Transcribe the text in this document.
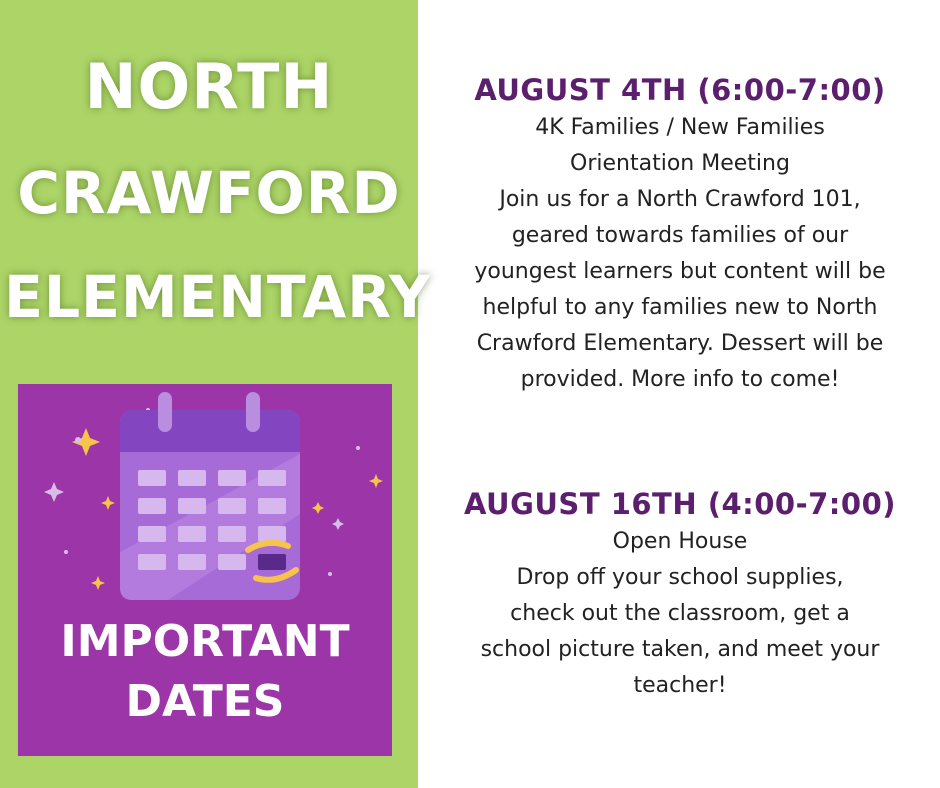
NORTH
CRAWFORD
ELEMENTARY
IMPORTANT
DATES
AUGUST 4TH (6:00-7:00)
4K Families / New Families
Orientation Meeting
Join us for a North Crawford 101,
geared towards families of our
youngest learners but content will be
helpful to any families new to North
Crawford Elementary. Dessert will be
provided. More info to come!
AUGUST 16TH (4:00-7:00)
Open House
Drop off your school supplies,
check out the classroom, get a
school picture taken, and meet your
teacher!
